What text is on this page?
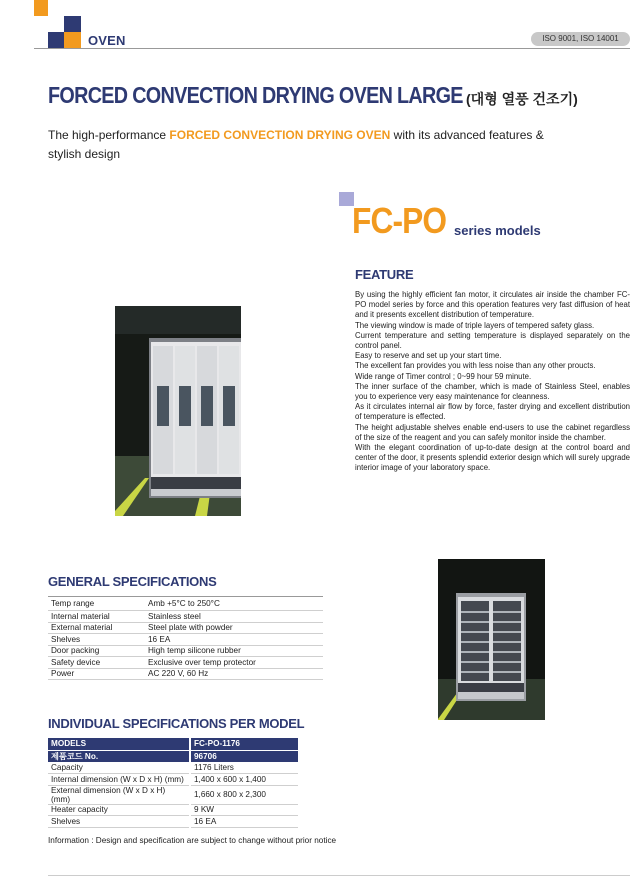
OVEN	ISO 9001, ISO 14001
FORCED CONVECTION DRYING OVEN LARGE (대형 열풍 건조기)
The high-performance FORCED CONVECTION DRYING OVEN with its advanced features & stylish design
FC-PO series models
FEATURE

By using the highly efficient fan motor, it circulates air inside the chamber FC-PO model series by force and this operation features very fast diffusion of heat and it presents excellent distribution of temperature.

The viewing window is made of triple layers of tempered safety glass.

Current temperature and setting temperature is displayed separately on the control panel.

Easy to reserve and set up your start time.

The excellent fan provides you with less noise than any other proucts.

Wide range of Timer control ; 0~99 hour 59 minute.

The inner surface of the chamber, which is made of Stainless Steel, enables you to experience very easy maintenance for cleanness.

As it circulates internal air flow by force, faster drying and excellent distribution of temperature is effected.

The height adjustable shelves enable end-users to use the cabinet regardless of the size of the reagent and you can safely monitor inside the chamber.

With the elegant coordination of up-to-date design at the control board and center of the door, it presents splendid exterior design which will surely upgrade interior image of your laboratory space.

GENERAL SPECIFICATIONS
Temp range	Amb +5°C to 250°C
Internal material	Stainless steel
External material	Steel plate with powder
Shelves	16 EA
Door packing	High temp silicone rubber
Safety device	Exclusive over temp protector
Power	AC 220 V, 60 Hz
INDIVIDUAL SPECIFICATIONS PER MODEL
MODELS	FC-PO-1176
제품코드 No.	96706
Capacity	1176 Liters
Internal dimension (W x D x H) (mm)	1,400 x 600 x 1,400
External dimension (W x D x H) (mm)	1,660 x 800 x 2,300
Heater capacity	9 KW
Shelves	16 EA
Information : Design and specification are subject to change without prior notice
